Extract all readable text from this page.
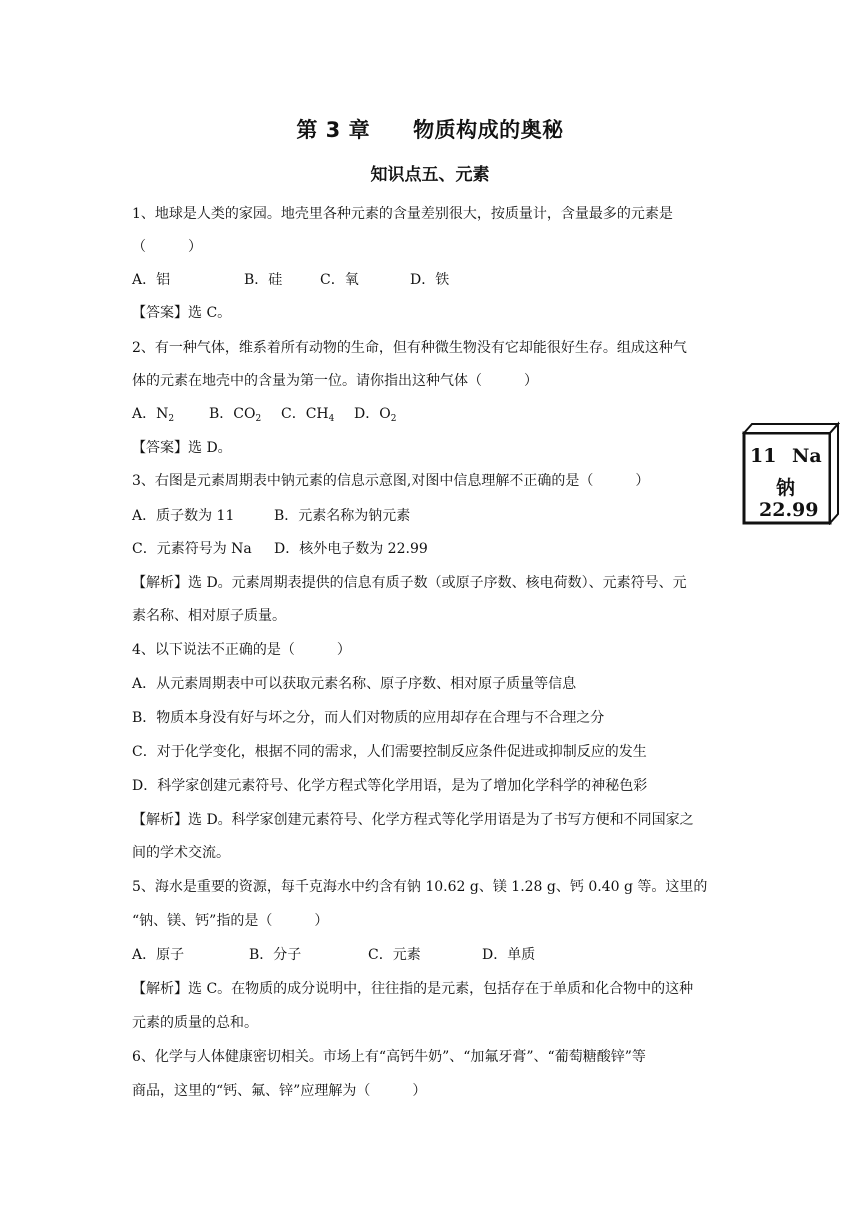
第 3 章　　物质构成的奥秘
知识点五、元素
1、地球是人类的家园。地壳里各种元素的含量差别很大，按质量计，含量最多的元素是
（　　　）
A．铝	B．硅	C．氧	D．铁
【答案】选 C。
2、有一种气体，维系着所有动物的生命，但有种微生物没有它却能很好生存。组成这种气
体的元素在地壳中的含量为第一位。请你指出这种气体（　　　）
A．$N_2$ B．$CO_2$ C．$CH_4$ D．$O_2$
【答案】选 D。
3、右图是元素周期表中钠元素的信息示意图,对图中信息理解不正确的是（　　　）
A．质子数为 11	B．元素名称为钠元素
C．元素符号为 Na D．核外电子数为 22.99
【解析】选 D。元素周期表提供的信息有质子数（或原子序数、核电荷数）、元素符号、元
素名称、相对原子质量。
11 Na
钠
22.99
4、以下说法不正确的是（　　　）
A．从元素周期表中可以获取元素名称、原子序数、相对原子质量等信息
B．物质本身没有好与坏之分，而人们对物质的应用却存在合理与不合理之分
C．对于化学变化，根据不同的需求，人们需要控制反应条件促进或抑制反应的发生
D．科学家创建元素符号、化学方程式等化学用语，是为了增加化学科学的神秘色彩
【解析】选 D。科学家创建元素符号、化学方程式等化学用语是为了书写方便和不同国家之
间的学术交流。
5、海水是重要的资源，每千克海水中约含有钠 10.62 g、镁 1.28 g、钙 0.40 g 等。这里的
“钠、镁、钙”指的是（　　　）
A．原子	B．分子	C．元素	D．单质
【解析】选 C。在物质的成分说明中，往往指的是元素，包括存在于单质和化合物中的这种
元素的质量的总和。
6、化学与人体健康密切相关。市场上有“高钙牛奶”、“加氟牙膏”、“葡萄糖酸锌”等
商品，这里的“钙、氟、锌”应理解为（　　　）
